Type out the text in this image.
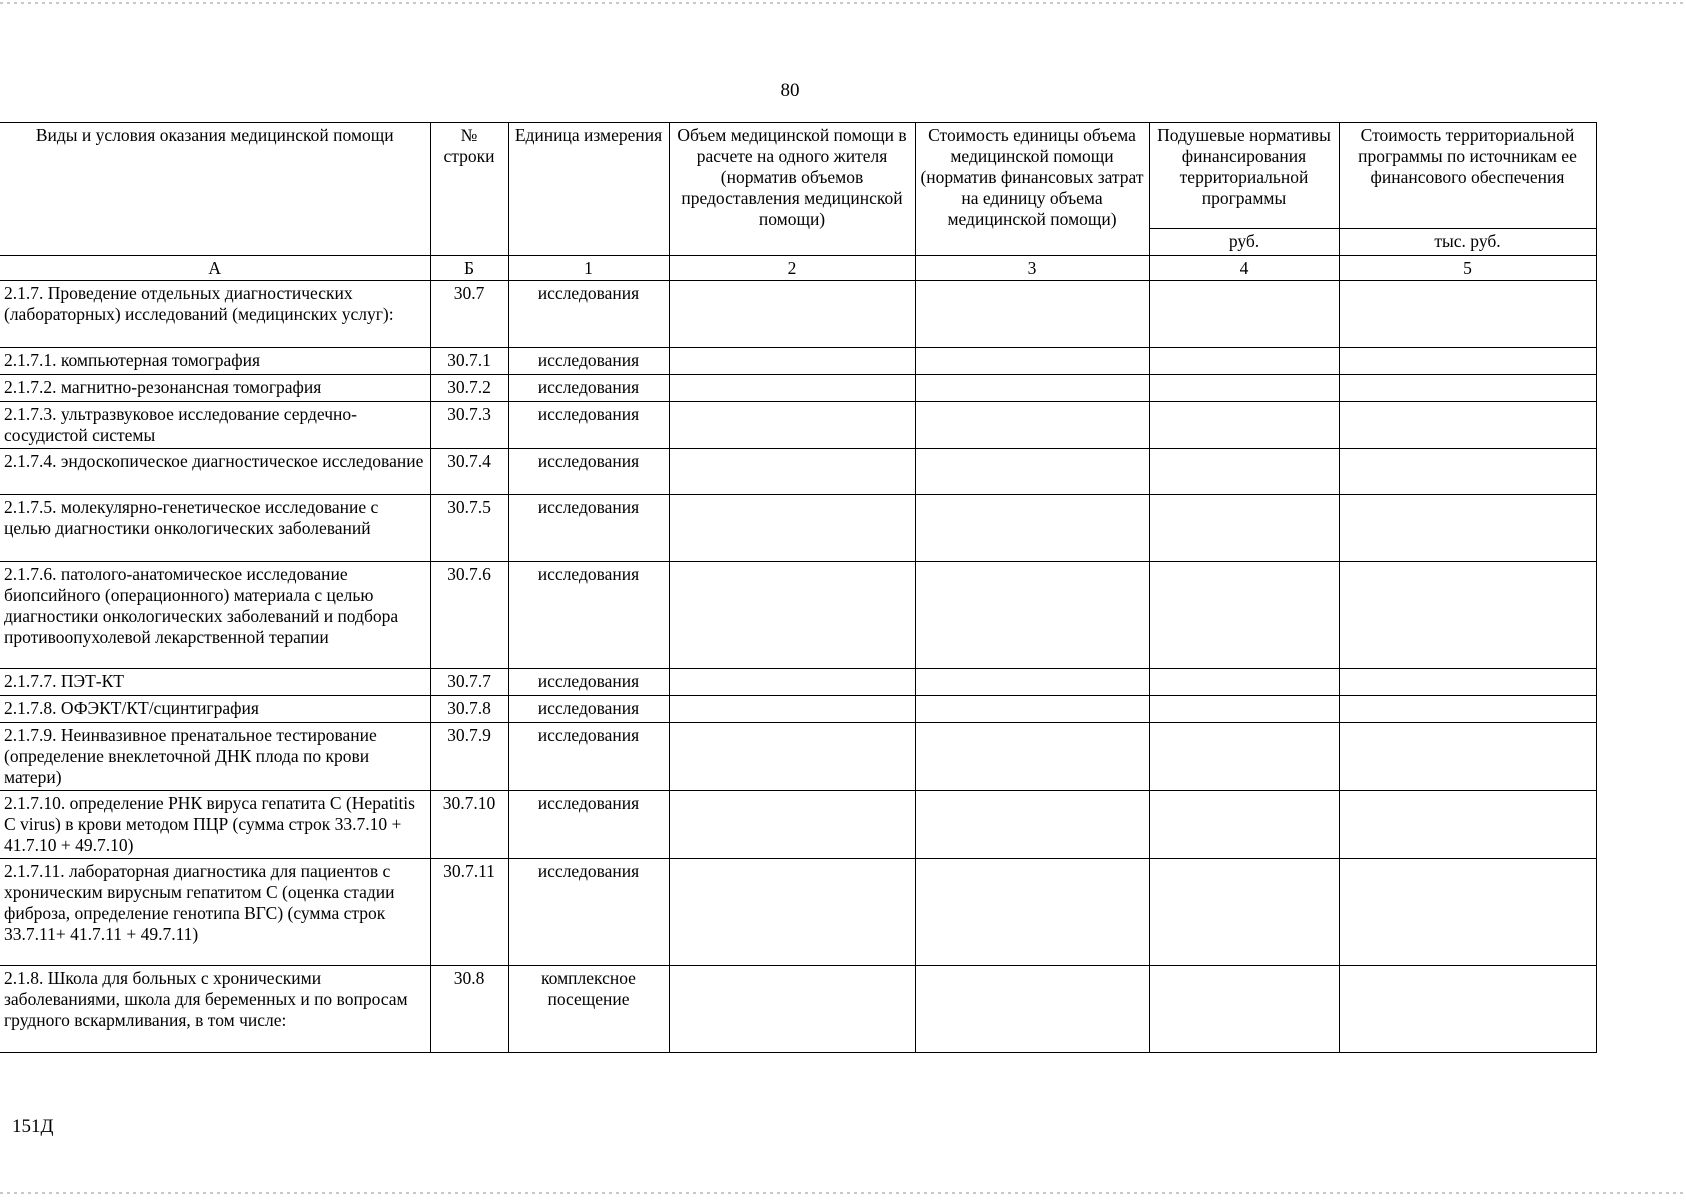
80
Виды и условия оказания медицинской помощи	№ строки	Единица измерения	Объем медицинской помощи в расчете на одного жителя (норматив объемов предоставления медицинской помощи)	Стоимость единицы объема медицинской помощи (норматив финансовых затрат на единицу объема медицинской помощи)	Подушевые нормативы финансирования территориальной программы	Стоимость территориальной программы по источникам ее финансового обеспечения
					руб.	тыс. руб.
А	Б	1	2	3	4	5
2.1.7. Проведение отдельных диагностических (лабораторных) исследований (медицинских услуг):	30.7	исследования				
2.1.7.1. компьютерная томография	30.7.1	исследования				
2.1.7.2. магнитно-резонансная томография	30.7.2	исследования				
2.1.7.3. ультразвуковое исследование сердечно-сосудистой системы	30.7.3	исследования				
2.1.7.4. эндоскопическое диагностическое исследование	30.7.4	исследования				
2.1.7.5. молекулярно-генетическое исследование с целью диагностики онкологических заболеваний	30.7.5	исследования				
2.1.7.6. патолого-анатомическое исследование биопсийного (операционного) материала с целью диагностики онкологических заболеваний и подбора противоопухолевой лекарственной терапии	30.7.6	исследования				
2.1.7.7. ПЭТ-КТ	30.7.7	исследования				
2.1.7.8. ОФЭКТ/КТ/сцинтиграфия	30.7.8	исследования				
2.1.7.9. Неинвазивное пренатальное тестирование (определение внеклеточной ДНК плода по крови матери)	30.7.9	исследования				
2.1.7.10. определение РНК вируса гепатита C (Hepatitis C virus) в крови методом ПЦР (сумма строк 33.7.10 + 41.7.10 + 49.7.10)	30.7.10	исследования				
2.1.7.11. лабораторная диагностика для пациентов с хроническим вирусным гепатитом С (оценка стадии фиброза, определение генотипа ВГС) (сумма строк 33.7.11+ 41.7.11 + 49.7.11)	30.7.11	исследования				
2.1.8. Школа для больных с хроническими заболеваниями, школа для беременных и по вопросам грудного вскармливания, в том числе:	30.8	комплексное посещение				
151Д
